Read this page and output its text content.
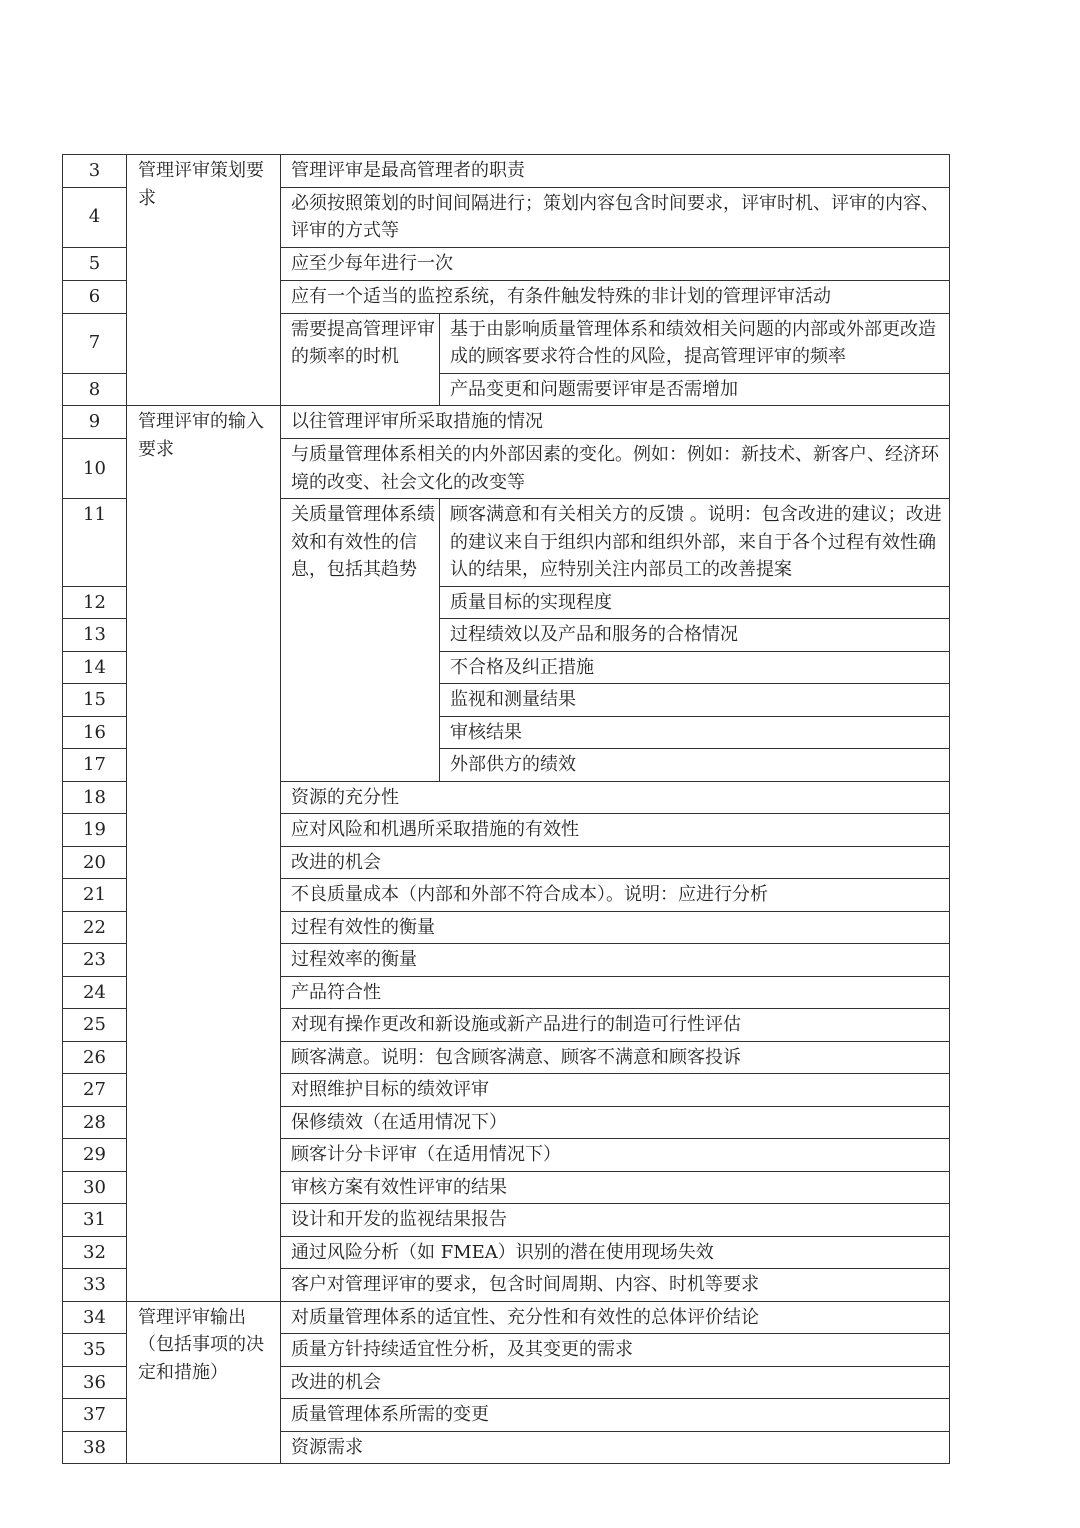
3	管理评审策划要求	管理评审是最高管理者的职责	
4		必须按照策划的时间间隔进行；策划内容包含时间要求，评审时机、评审的内容、评审的方式等	
5		应至少每年进行一次	
6		应有一个适当的监控系统，有条件触发特殊的非计划的管理评审活动	
7		需要提高管理评审的频率的时机	基于由影响质量管理体系和绩效相关问题的内部或外部更改造成的顾客要求符合性的风险，提高管理评审的频率
8			产品变更和问题需要评审是否需增加
9	管理评审的输入要求	以往管理评审所采取措施的情况	
10		与质量管理体系相关的内外部因素的变化。例如：例如：新技术、新客户、经济环境的改变、社会文化的改变等	
11		关质量管理体系绩效和有效性的信息，包括其趋势	顾客满意和有关相关方的反馈 。说明：包含改进的建议；改进的建议来自于组织内部和组织外部，来自于各个过程有效性确认的结果，应特别关注内部员工的改善提案
12			质量目标的实现程度
13			过程绩效以及产品和服务的合格情况
14			不合格及纠正措施
15			监视和测量结果
16			审核结果
17			外部供方的绩效
18		资源的充分性	
19		应对风险和机遇所采取措施的有效性	
20		改进的机会	
21		不良质量成本（内部和外部不符合成本）。说明：应进行分析	
22		过程有效性的衡量	
23		过程效率的衡量	
24		产品符合性	
25		对现有操作更改和新设施或新产品进行的制造可行性评估	
26		顾客满意。说明：包含顾客满意、顾客不满意和顾客投诉	
27		对照维护目标的绩效评审	
28		保修绩效（在适用情况下）	
29		顾客计分卡评审（在适用情况下）	
30		审核方案有效性评审的结果	
31		设计和开发的监视结果报告	
32		通过风险分析（如 FMEA）识别的潜在使用现场失效	
33		客户对管理评审的要求，包含时间周期、内容、时机等要求	
34	管理评审输出（包括事项的决定和措施）	对质量管理体系的适宜性、充分性和有效性的总体评价结论	
35		质量方针持续适宜性分析，及其变更的需求	
36		改进的机会	
37		质量管理体系所需的变更	
38		资源需求	
